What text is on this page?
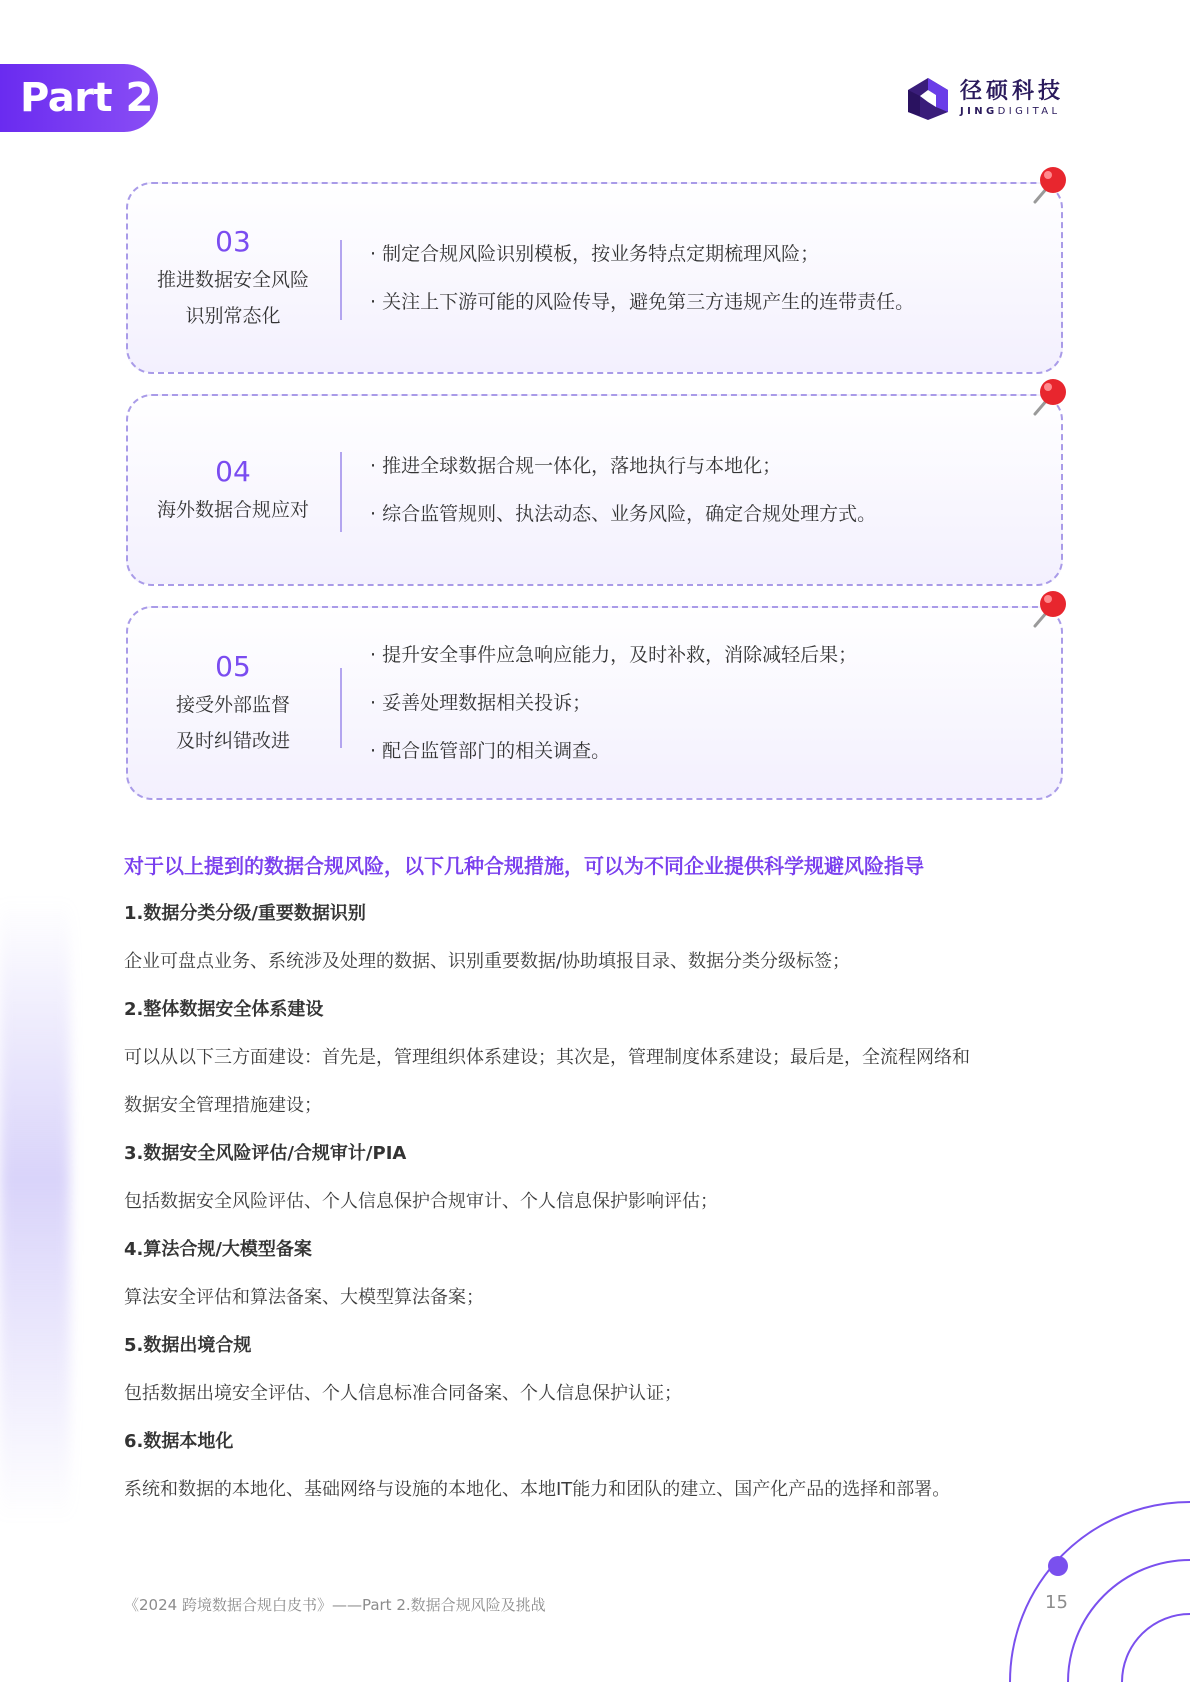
Part 2	径硕科技
JINGDIGITAL
03
推进数据安全风险
识别常态化
· 制定合规风险识别模板，按业务特点定期梳理风险；
· 关注上下游可能的风险传导，避免第三方违规产生的连带责任。
04
海外数据合规应对
· 推进全球数据合规一体化，落地执行与本地化；
· 综合监管规则、执法动态、业务风险，确定合规处理方式。
05
接受外部监督
及时纠错改进
· 提升安全事件应急响应能力，及时补救，消除减轻后果；
· 妥善处理数据相关投诉；
· 配合监管部门的相关调查。
对于以上提到的数据合规风险，以下几种合规措施，可以为不同企业提供科学规避风险指导
1.数据分类分级/重要数据识别
企业可盘点业务、系统涉及处理的数据、识别重要数据/协助填报目录、数据分类分级标签；
2.整体数据安全体系建设
可以从以下三方面建设：首先是，管理组织体系建设；其次是，管理制度体系建设；最后是，全流程网络和
数据安全管理措施建设；
3.数据安全风险评估/合规审计/PIA
包括数据安全风险评估、个人信息保护合规审计、个人信息保护影响评估；
4.算法合规/大模型备案
算法安全评估和算法备案、大模型算法备案；
5.数据出境合规
包括数据出境安全评估、个人信息标准合同备案、个人信息保护认证；
6.数据本地化
系统和数据的本地化、基础网络与设施的本地化、本地IT能力和团队的建立、国产化产品的选择和部署。
《2024 跨境数据合规白皮书》——Part 2.数据合规风险及挑战	15
